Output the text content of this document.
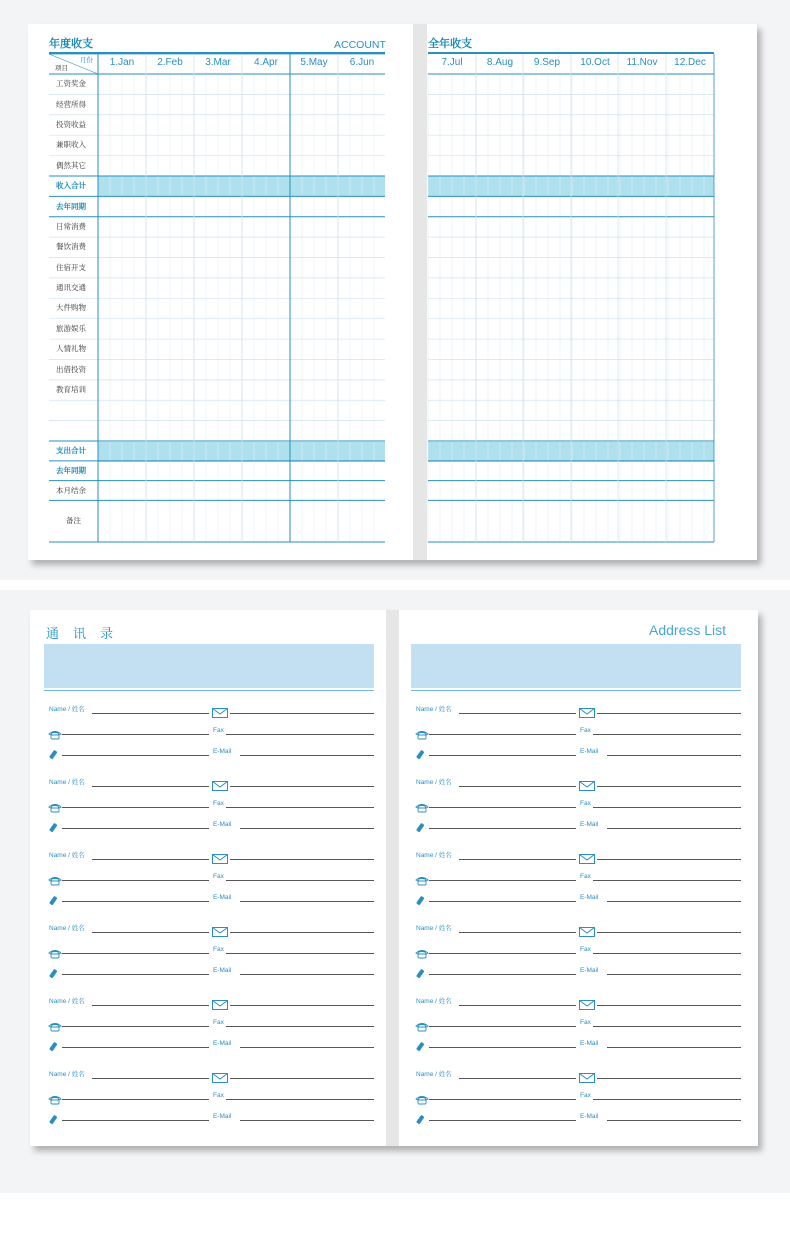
年度收支	ACCOUNT	全年收支
月份
项目	1.Jan	2.Feb	3.Mar	4.Apr	5.May	6.Jun	7.Jul	8.Aug	9.Sep	10.Oct	11.Nov	12.Dec
工资奖金
经营所得
投资收益
兼职收入
偶然其它
收入合计
去年同期
日常消费
餐饮消费
住宿开支
通讯交通
大件购物
旅游娱乐
人情礼物
出借投资
教育培训
支出合计
去年同期
本月结余
备注
通讯录	Address List
Name / 姓名
Fax
E-Mail
Name / 姓名
Fax
E-Mail
Name / 姓名
Fax
E-Mail
Name / 姓名
Fax
E-Mail
Name / 姓名
Fax
E-Mail
Name / 姓名
Fax
E-Mail
Name / 姓名
Fax
E-Mail
Name / 姓名
Fax
E-Mail
Name / 姓名
Fax
E-Mail
Name / 姓名
Fax
E-Mail
Name / 姓名
Fax
E-Mail
Name / 姓名
Fax
E-Mail
